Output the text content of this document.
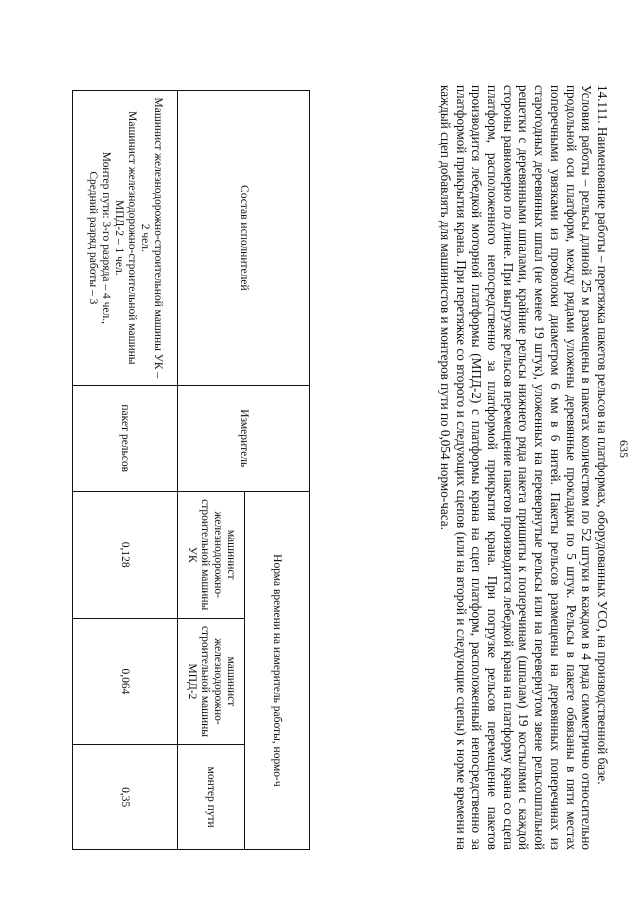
635

14.111. Наименование работы – перетяжка пакетов рельсов на платформах, оборудованных УСО, на производственной базе.

Условия работы – рельсы длиной 25 м размещены в пакетах количеством по 52 штуки в каждом в 4 ряда симметрично относительно продольной оси платформ, между рядами уложены деревянные прокладки по 5 штук. Рельсы в пакете обвязаны в пяти местах поперечными увязками из проволоки диаметром 6 мм в 6 нитей. Пакеты рельсов размещены на деревянных поперечинах из старогодных деревянных шпал (не менее 19 штук), уложенных на перевернутые рельсы или на перевернутом звене рельсошпальной решетки с деревянными шпалами, крайние рельсы нижнего ряда пакета пришиты к поперечинам (шпалам) 19 костылями с каждой стороны равномерно по длине. При выгрузке рельсов перемещение пакетов производится лебедкой крана на платформу крана со сцепа платформ, расположенного непосредственно за платформой прикрытия крана. При погрузке рельсов перемещение пакетов производится лебедкой моторной платформы (МПД-2) с платформы крана на сцеп платформ, расположенный непосредственно за платформой прикрытия крана. При перетяжке со второго и следующих сцепов (или на второй и следующие сцепы) к норме времени на каждый сцеп добавлять для машинистов и монтеров пути по 0,054 нормо-часа.

Состав исполнителей	Измеритель	Норма времени на измеритель работы, нормо-ч		
		машинист железнодорожно-строительной машины УК	машинист железнодорожно-строительной машины МПД-2	монтер пути

Машинист железнодорожно-строительной машины УК – 2 чел.
Машинист железнодорожно-строительной машины МПД-2 – 1 чел.
Монтер пути: 3-го разряда – 4 чел.,
Средний разряд работы – 3	пакет рельсов	0,128	0,064	0,35
